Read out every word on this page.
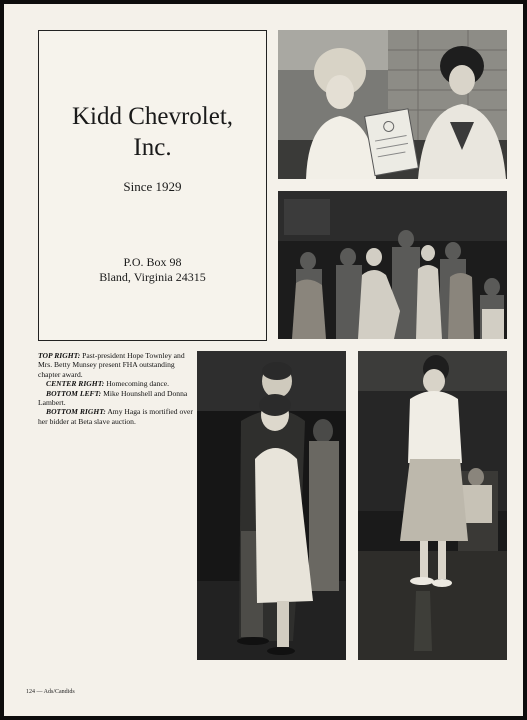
Kidd Chevrolet,
Inc.
Since 1929
P.O. Box 98
Bland, Virginia 24315

TOP RIGHT: Past-president Hope Townley and Mrs. Betty Munsey present FHA outstanding chapter award.

CENTER RIGHT: Homecoming dance.

BOTTOM LEFT: Mike Hounshell and Donna Lambert.

BOTTOM RIGHT: Amy Haga is mortified over her bidder at Beta slave auction.

124 — Ads/Candids
